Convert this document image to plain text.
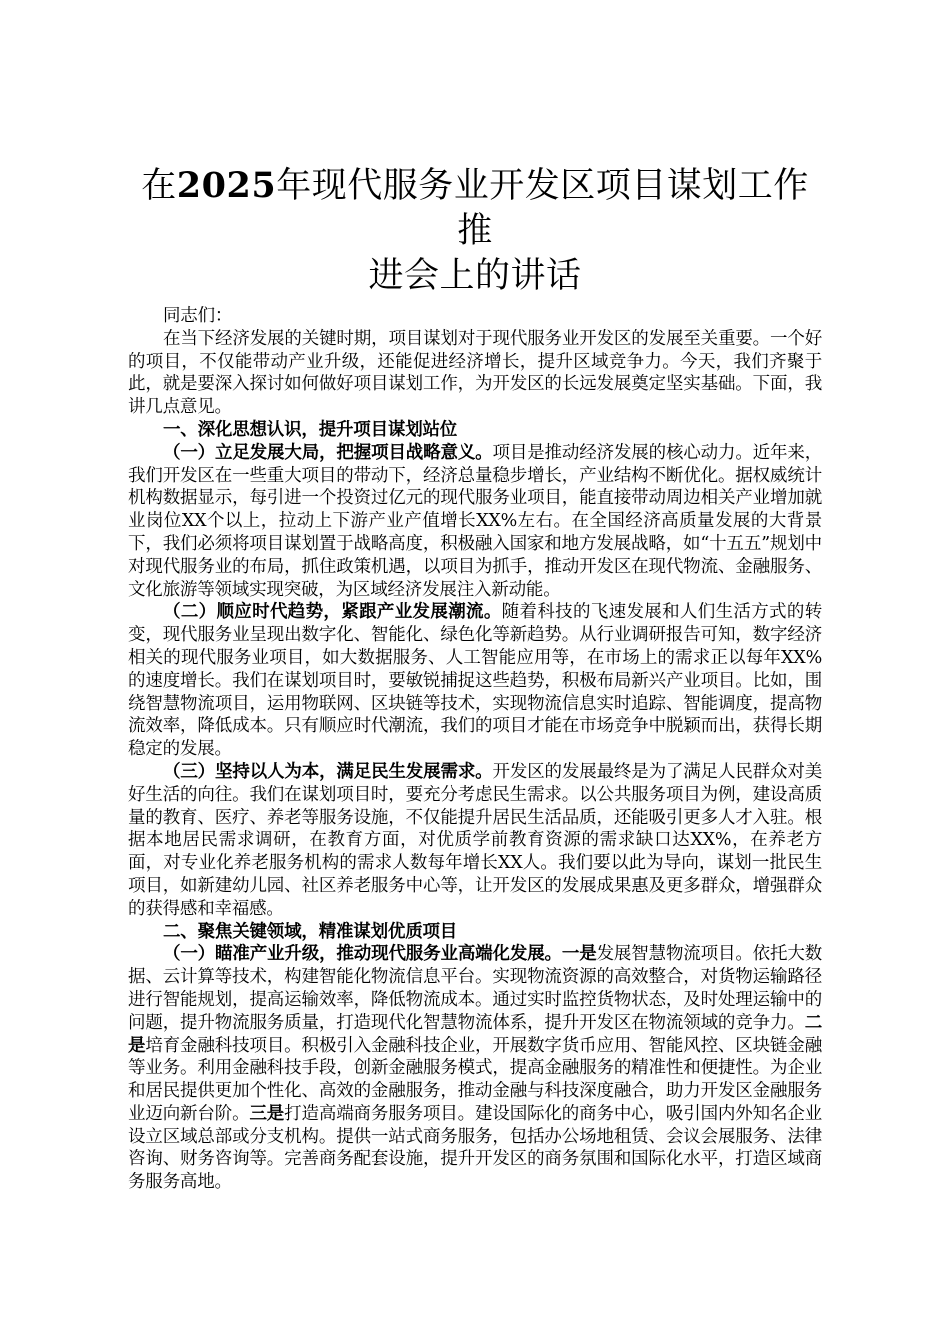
在2025年现代服务业开发区项目谋划工作推
进会上的讲话

同志们：

在当下经济发展的关键时期，项目谋划对于现代服务业开发区的发展至关重要。一个好的项目，不仅能带动产业升级，还能促进经济增长，提升区域竞争力。今天，我们齐聚于此，就是要深入探讨如何做好项目谋划工作，为开发区的长远发展奠定坚实基础。下面，我讲几点意见。

一、深化思想认识，提升项目谋划站位

（一）立足发展大局，把握项目战略意义。项目是推动经济发展的核心动力。近年来，我们开发区在一些重大项目的带动下，经济总量稳步增长，产业结构不断优化。据权威统计机构数据显示，每引进一个投资过亿元的现代服务业项目，能直接带动周边相关产业增加就业岗位XX个以上，拉动上下游产业产值增长XX%左右。在全国经济高质量发展的大背景下，我们必须将项目谋划置于战略高度，积极融入国家和地方发展战略，如“十五五”规划中对现代服务业的布局，抓住政策机遇，以项目为抓手，推动开发区在现代物流、金融服务、文化旅游等领域实现突破，为区域经济发展注入新动能。

（二）顺应时代趋势，紧跟产业发展潮流。随着科技的飞速发展和人们生活方式的转变，现代服务业呈现出数字化、智能化、绿色化等新趋势。从行业调研报告可知，数字经济相关的现代服务业项目，如大数据服务、人工智能应用等，在市场上的需求正以每年XX%的速度增长。我们在谋划项目时，要敏锐捕捉这些趋势，积极布局新兴产业项目。比如，围绕智慧物流项目，运用物联网、区块链等技术，实现物流信息实时追踪、智能调度，提高物流效率，降低成本。只有顺应时代潮流，我们的项目才能在市场竞争中脱颖而出，获得长期稳定的发展。

（三）坚持以人为本，满足民生发展需求。开发区的发展最终是为了满足人民群众对美好生活的向往。我们在谋划项目时，要充分考虑民生需求。以公共服务项目为例，建设高质量的教育、医疗、养老等服务设施，不仅能提升居民生活品质，还能吸引更多人才入驻。根据本地居民需求调研，在教育方面，对优质学前教育资源的需求缺口达XX%，在养老方面，对专业化养老服务机构的需求人数每年增长XX人。我们要以此为导向，谋划一批民生项目，如新建幼儿园、社区养老服务中心等，让开发区的发展成果惠及更多群众，增强群众的获得感和幸福感。

二、聚焦关键领域，精准谋划优质项目

（一）瞄准产业升级，推动现代服务业高端化发展。一是发展智慧物流项目。依托大数据、云计算等技术，构建智能化物流信息平台。实现物流资源的高效整合，对货物运输路径进行智能规划，提高运输效率，降低物流成本。通过实时监控货物状态，及时处理运输中的问题，提升物流服务质量，打造现代化智慧物流体系，提升开发区在物流领域的竞争力。二是培育金融科技项目。积极引入金融科技企业，开展数字货币应用、智能风控、区块链金融等业务。利用金融科技手段，创新金融服务模式，提高金融服务的精准性和便捷性。为企业和居民提供更加个性化、高效的金融服务，推动金融与科技深度融合，助力开发区金融服务业迈向新台阶。三是打造高端商务服务项目。建设国际化的商务中心，吸引国内外知名企业设立区域总部或分支机构。提供一站式商务服务，包括办公场地租赁、会议会展服务、法律咨询、财务咨询等。完善商务配套设施，提升开发区的商务氛围和国际化水平，打造区域商务服务高地。
